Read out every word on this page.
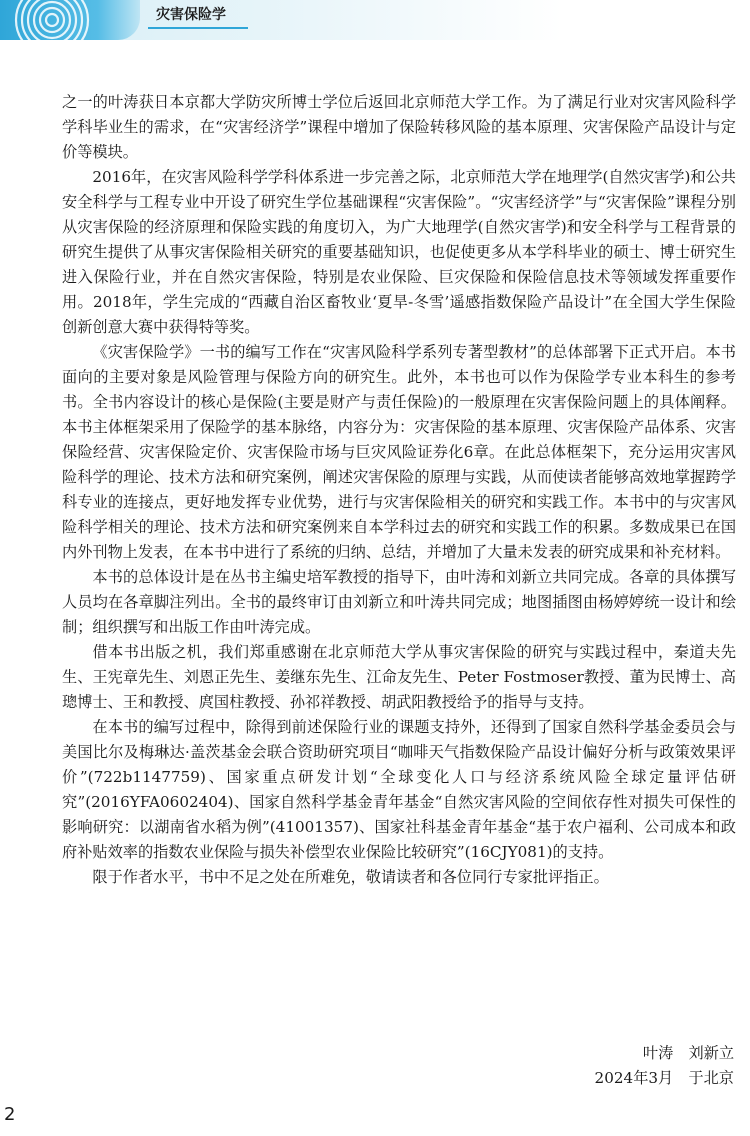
灾害保险学

之一的叶涛获日本京都大学防灾所博士学位后返回北京师范大学工作。为了满足行业对灾害风险科学学科毕业生的需求，在“灾害经济学”课程中增加了保险转移风险的基本原理、灾害保险产品设计与定价等模块。

2016年，在灾害风险科学学科体系进一步完善之际，北京师范大学在地理学(自然灾害学)和公共安全科学与工程专业中开设了研究生学位基础课程“灾害保险”。“灾害经济学”与“灾害保险”课程分别从灾害保险的经济原理和保险实践的角度切入，为广大地理学(自然灾害学)和安全科学与工程背景的研究生提供了从事灾害保险相关研究的重要基础知识，也促使更多从本学科毕业的硕士、博士研究生进入保险行业，并在自然灾害保险，特别是农业保险、巨灾保险和保险信息技术等领域发挥重要作用。2018年，学生完成的“西藏自治区畜牧业‘夏旱-冬雪’遥感指数保险产品设计”在全国大学生保险创新创意大赛中获得特等奖。

《灾害保险学》一书的编写工作在“灾害风险科学系列专著型教材”的总体部署下正式开启。本书面向的主要对象是风险管理与保险方向的研究生。此外，本书也可以作为保险学专业本科生的参考书。全书内容设计的核心是保险(主要是财产与责任保险)的一般原理在灾害保险问题上的具体阐释。本书主体框架采用了保险学的基本脉络，内容分为：灾害保险的基本原理、灾害保险产品体系、灾害保险经营、灾害保险定价、灾害保险市场与巨灾风险证券化6章。在此总体框架下，充分运用灾害风险科学的理论、技术方法和研究案例，阐述灾害保险的原理与实践，从而使读者能够高效地掌握跨学科专业的连接点，更好地发挥专业优势，进行与灾害保险相关的研究和实践工作。本书中的与灾害风险科学相关的理论、技术方法和研究案例来自本学科过去的研究和实践工作的积累。多数成果已在国内外刊物上发表，在本书中进行了系统的归纳、总结，并增加了大量未发表的研究成果和补充材料。

本书的总体设计是在丛书主编史培军教授的指导下，由叶涛和刘新立共同完成。各章的具体撰写人员均在各章脚注列出。全书的最终审订由刘新立和叶涛共同完成；地图插图由杨婷婷统一设计和绘制；组织撰写和出版工作由叶涛完成。

借本书出版之机，我们郑重感谢在北京师范大学从事灾害保险的研究与实践过程中，秦道夫先生、王宪章先生、刘恩正先生、姜继东先生、江命友先生、Peter Fostmoser教授、董为民博士、高璁博士、王和教授、庹国柱教授、孙祁祥教授、胡武阳教授给予的指导与支持。

在本书的编写过程中，除得到前述保险行业的课题支持外，还得到了国家自然科学基金委员会与美国比尔及梅琳达·盖茨基金会联合资助研究项目“咖啡天气指数保险产品设计偏好分析与政策效果评价”(722b1147759)、国家重点研发计划“全球变化人口与经济系统风险全球定量评估研究”(2016YFA0602404)、国家自然科学基金青年基金“自然灾害风险的空间依存性对损失可保性的影响研究：以湖南省水稻为例”(41001357)、国家社科基金青年基金“基于农户福利、公司成本和政府补贴效率的指数农业保险与损失补偿型农业保险比较研究”(16CJY081)的支持。

限于作者水平，书中不足之处在所难免，敬请读者和各位同行专家批评指正。

叶涛　刘新立
2024年3月　于北京
2
